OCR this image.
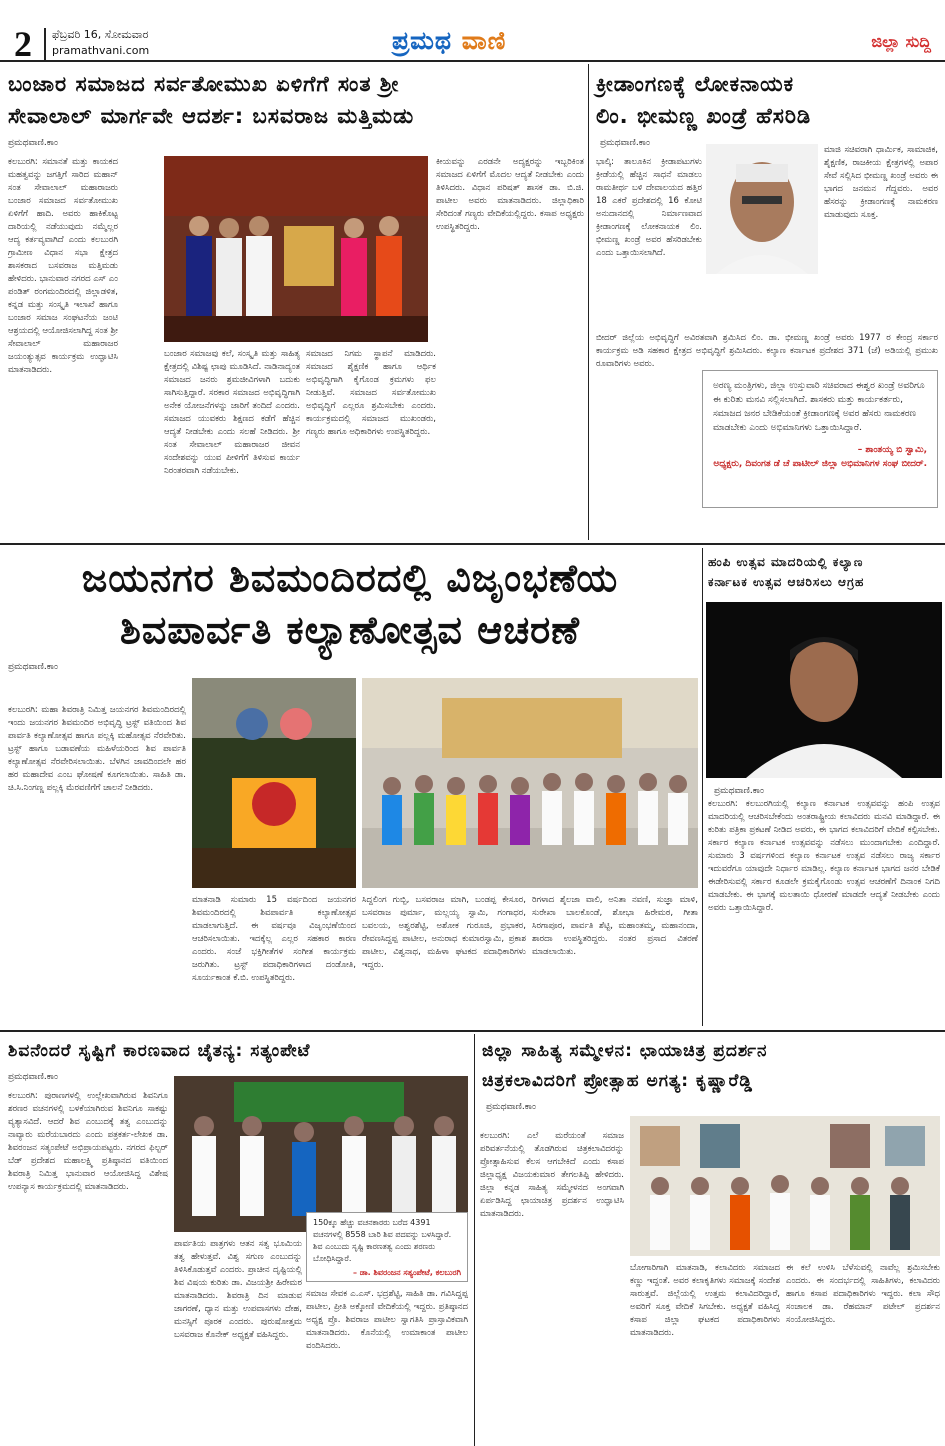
2 ಫೆಬ್ರವರಿ 16, ಸೋಮವಾರ
pramathvani.com	ಪ್ರಮಥ ವಾಣಿ	ಜಿಲ್ಲಾ ಸುದ್ದಿ
ಬಂಜಾರ ಸಮಾಜದ ಸರ್ವತೋಮುಖ ಏಳಿಗೆಗೆ ಸಂತ ಶ್ರೀ
ಸೇವಾಲಾಲ್ ಮಾರ್ಗವೇ ಆದರ್ಶ: ಬಸವರಾಜ ಮತ್ತಿಮಡು
ಪ್ರಮಥವಾಣಿ.ಕಾಂ
ಕಲಬುರಗಿ: ಸಮಾನತೆ ಮತ್ತು ಕಾಯಕದ ಮಹತ್ವವನ್ನು ಜಗತ್ತಿಗೆ ಸಾರಿದ ಮಹಾನ್ ಸಂತ ಸೇವಾಲಾಲ್ ಮಹಾರಾಜರು ಬಂಜಾರ ಸಮಾಜದ ಸರ್ವತೋಮುಖ ಏಳಿಗೆಗೆ ಹಾದಿ. ಅವರು ಹಾಕಿಕೊಟ್ಟ ದಾರಿಯಲ್ಲಿ ನಡೆಯುವುದು ನಮ್ಮೆಲ್ಲರ ಆದ್ಯ ಕರ್ತವ್ಯವಾಗಿದೆ ಎಂದು ಕಲಬುರಗಿ ಗ್ರಾಮೀಣ ವಿಧಾನ ಸಭಾ ಕ್ಷೇತ್ರದ ಶಾಸಕರಾದ ಬಸವರಾಜ ಮತ್ತಿಮಡು ಹೇಳಿದರು. ಭಾನುವಾರ ನಗರದ ಎಸ್ ಎಂ ಪಂಡಿತ್ ರಂಗಮಂದಿರದಲ್ಲಿ ಜಿಲ್ಲಾಡಳಿತ, ಕನ್ನಡ ಮತ್ತು ಸಂಸ್ಕೃತಿ ಇಲಾಖೆ ಹಾಗೂ ಬಂಜಾರ ಸಮಾಜ ಸಂಘಟನೆಯ ಜಂಟಿ ಆಶ್ರಯದಲ್ಲಿ ಆಯೋಜಿಸಲಾಗಿದ್ದ ಸಂತ ಶ್ರೀ ಸೇವಾಲಾಲ್ ಮಹಾರಾಜರ ಜಯಂತ್ಯುತ್ಸವ ಕಾರ್ಯಕ್ರಮ ಉದ್ಘಾಟಿಸಿ ಮಾತನಾಡಿದರು.
ಬಂಜಾರ ಸಮಾಜವು ಕಲೆ, ಸಂಸ್ಕೃತಿ ಮತ್ತು ಸಾಹಿತ್ಯ ಕ್ಷೇತ್ರದಲ್ಲಿ ವಿಶಿಷ್ಟ ಛಾಪು ಮೂಡಿಸಿದೆ. ನಾಡಿನಾದ್ಯಂತ ಸಮಾಜದ ಜನರು ಶ್ರಮಜೀವಿಗಳಾಗಿ ಬದುಕು ಸಾಗಿಸುತ್ತಿದ್ದಾರೆ. ಸರಕಾರ ಸಮಾಜದ ಅಭಿವೃದ್ಧಿಗಾಗಿ ಅನೇಕ ಯೋಜನೆಗಳನ್ನು ಜಾರಿಗೆ ತಂದಿದೆ ಎಂದರು. ಸಮಾಜದ ಯುವಕರು ಶಿಕ್ಷಣದ ಕಡೆಗೆ ಹೆಚ್ಚಿನ ಆದ್ಯತೆ ನೀಡಬೇಕು ಎಂದು ಸಲಹೆ ನೀಡಿದರು. ಶ್ರೀ ಸಂತ ಸೇವಾಲಾಲ್ ಮಹಾರಾಜರ ಜೀವನ ಸಂದೇಶವನ್ನು ಯುವ ಪೀಳಿಗೆಗೆ ತಿಳಿಸುವ ಕಾರ್ಯ ನಿರಂತರವಾಗಿ ನಡೆಯಬೇಕು.
ಸಮಾಜದ ನಿಗಮ ಸ್ಥಾಪನೆ ಮಾಡಿದರು. ಸಮಾಜದ ಶೈಕ್ಷಣಿಕ ಹಾಗೂ ಆರ್ಥಿಕ ಅಭಿವೃದ್ಧಿಗಾಗಿ ಕೈಗೊಂಡ ಕ್ರಮಗಳು ಫಲ ನೀಡುತ್ತಿವೆ. ಸಮಾಜದ ಸರ್ವತೋಮುಖ ಅಭಿವೃದ್ಧಿಗೆ ಎಲ್ಲರೂ ಶ್ರಮಿಸಬೇಕು ಎಂದರು. ಕಾರ್ಯಕ್ರಮದಲ್ಲಿ ಸಮಾಜದ ಮುಖಂಡರು, ಗಣ್ಯರು ಹಾಗೂ ಅಧಿಕಾರಿಗಳು ಉಪಸ್ಥಿತರಿದ್ದರು.
ಕೀಯವನ್ನು ಎರಡನೇ ಅದ್ಯಕ್ಷರನ್ನು ಇಬ್ಬರಿಕಿಂತ ಸಮಾಜದ ಏಳಿಗೆಗೆ ಮೊದಲ ಆದ್ಯತೆ ನೀಡಬೇಕು ಎಂದು ತಿಳಿಸಿದರು. ವಿಧಾನ ಪರಿಷತ್ ಶಾಸಕ ಡಾ. ಬಿ.ಜಿ. ಪಾಟೀಲ ಅವರು ಮಾತನಾಡಿದರು. ಜಿಲ್ಲಾಧಿಕಾರಿ ಸೇರಿದಂತೆ ಗಣ್ಯರು ವೇದಿಕೆಯಲ್ಲಿದ್ದರು. ಕಸಾಪ ಅಧ್ಯಕ್ಷರು ಉಪಸ್ಥಿತರಿದ್ದರು.
ಕ್ರೀಡಾಂಗಣಕ್ಕೆ ಲೋಕನಾಯಕ
ಲಿಂ. ಭೀಮಣ್ಣ ಖಂಡ್ರೆ ಹೆಸರಿಡಿ
ಪ್ರಮಥವಾಣಿ.ಕಾಂ
ಭಾಲ್ಕಿ: ತಾಲೂಕಿನ ಕ್ರೀಡಾಪಟುಗಳು ಕ್ರೀಡೆಯಲ್ಲಿ ಹೆಚ್ಚಿನ ಸಾಧನೆ ಮಾಡಲು ರಾಮತೀರ್ಥ ಬಳಿ ದೇವಾಲಯದ ಹತ್ತಿರ 18 ಎಕರೆ ಪ್ರದೇಶದಲ್ಲಿ 16 ಕೋಟಿ ಅನುದಾನದಲ್ಲಿ ನಿರ್ಮಾಣವಾದ ಕ್ರೀಡಾಂಗಣಕ್ಕೆ ಲೋಕನಾಯಕ ಲಿಂ. ಭೀಮಣ್ಣ ಖಂಡ್ರೆ ಅವರ ಹೆಸರಿಡಬೇಕು ಎಂದು ಒತ್ತಾಯಿಸಲಾಗಿದೆ.
ಮಾಜಿ ಸಚಿವರಾಗಿ ಧಾರ್ಮಿಕ, ಸಾಮಾಜಿಕ, ಶೈಕ್ಷಣಿಕ, ರಾಜಕೀಯ ಕ್ಷೇತ್ರಗಳಲ್ಲಿ ಅಪಾರ ಸೇವೆ ಸಲ್ಲಿಸಿದ ಭೀಮಣ್ಣ ಖಂಡ್ರೆ ಅವರು ಈ ಭಾಗದ ಜನಮನ ಗೆದ್ದವರು. ಅವರ ಹೆಸರನ್ನು ಕ್ರೀಡಾಂಗಣಕ್ಕೆ ನಾಮಕರಣ ಮಾಡುವುದು ಸೂಕ್ತ.
ಬೀದರ್ ಜಿಲ್ಲೆಯ ಅಭಿವೃದ್ಧಿಗೆ ಅವಿರತವಾಗಿ ಶ್ರಮಿಸಿದ ಲಿಂ. ಡಾ. ಭೀಮಣ್ಣ ಖಂಡ್ರೆ ಅವರು 1977 ರ ಕೇಂದ್ರ ಸರ್ಕಾರ ಕಾರ್ಯಕ್ರಮ ಅಡಿ ಸಹಕಾರ ಕ್ಷೇತ್ರದ ಅಭಿವೃದ್ಧಿಗೆ ಶ್ರಮಿಸಿದರು. ಕಲ್ಯಾಣ ಕರ್ನಾಟಕ ಪ್ರದೇಶದ 371 (ಜೆ) ಅಡಿಯಲ್ಲಿ ಪ್ರಮುಖ ರೂವಾರಿಗಳು ಅವರು.
ಅರಣ್ಯ ಮಂತ್ರಿಗಳು, ಜಿಲ್ಲಾ ಉಸ್ತುವಾರಿ ಸಚಿವರಾದ ಈಶ್ವರ ಖಂಡ್ರೆ ಅವರಿಗೂ ಈ ಕುರಿತು ಮನವಿ ಸಲ್ಲಿಸಲಾಗಿದೆ. ಶಾಸಕರು ಮತ್ತು ಕಾರ್ಯಕರ್ತರು, ಸಮಾಜದ ಜನರ ಬೇಡಿಕೆಯಂತೆ ಕ್ರೀಡಾಂಗಣಕ್ಕೆ ಅವರ ಹೆಸರು ನಾಮಕರಣ ಮಾಡಬೇಕು ಎಂದು ಅಭಿಮಾನಿಗಳು ಒತ್ತಾಯಿಸಿದ್ದಾರೆ.
– ಶಾಂತಯ್ಯ ಬಿ ಸ್ವಾಮಿ,
ಅಧ್ಯಕ್ಷರು, ದಿವಂಗತ ಡೆ ಚೆ ಪಾಟೀಲ್ ಜಿಲ್ಲಾ ಅಭಿಮಾನಿಗಳ ಸಂಘ ಬೀದರ್.
ಜಯನಗರ ಶಿವಮಂದಿರದಲ್ಲಿ ವಿಜೃಂಭಣೆಯ
ಶಿವಪಾರ್ವತಿ ಕಲ್ಯಾಣೋತ್ಸವ ಆಚರಣೆ
ಪ್ರಮಥವಾಣಿ.ಕಾಂ
ಕಲಬುರಗಿ: ಮಹಾ ಶಿವರಾತ್ರಿ ನಿಮಿತ್ತ ಜಯನಗರ ಶಿವಮಂದಿರದಲ್ಲಿ ಇಂದು ಜಯನಗರ ಶಿವಮಂದಿರ ಅಭಿವೃದ್ಧಿ ಟ್ರಸ್ಟ್ ವತಿಯಿಂದ ಶಿವ ಪಾರ್ವತಿ ಕಲ್ಯಾಣೋತ್ಸವ ಹಾಗೂ ಪಲ್ಲಕ್ಕಿ ಮಹೋತ್ಸವ ನೆರವೇರಿತು. ಟ್ರಸ್ಟ್ ಹಾಗೂ ಬಡಾವಣೆಯ ಮಹಿಳೆಯರಿಂದ ಶಿವ ಪಾರ್ವತಿ ಕಲ್ಯಾಣೋತ್ಸವ ನೆರವೇರಿಸಲಾಯಿತು. ಬೆಳಗಿನ ಜಾವದಿಂದಲೇ ಹರ ಹರ ಮಹಾದೇವ ಎಂಬ ಘೋಷಣೆ ಕೂಗಲಾಯಿತು. ಸಾಹಿತಿ ಡಾ. ಚಿ.ಸಿ.ನಿಂಗಣ್ಣ ಪಲ್ಲಕ್ಕಿ ಮೆರವಣಿಗೆಗೆ ಚಾಲನೆ ನೀಡಿದರು.
ಮಾತನಾಡಿ ಸುಮಾರು 15 ವರ್ಷದಿಂದ ಜಯನಗರ ಶಿವಮಂದಿರದಲ್ಲಿ ಶಿವಪಾರ್ವತಿ ಕಲ್ಯಾಣೋತ್ಸವ ಮಾಡಲಾಗುತ್ತಿದೆ. ಈ ವರ್ಷವೂ ವಿಜೃಂಭಣೆಯಿಂದ ಆಚರಿಸಲಾಯಿತು. ಇದಕ್ಕೆಲ್ಲ ಎಲ್ಲರ ಸಹಕಾರ ಕಾರಣ ಎಂದರು. ಸಂಜೆ ಭಕ್ತಿಗೀತೆಗಳ ಸಂಗೀತ ಕಾರ್ಯಕ್ರಮ ಜರುಗಿತು. ಟ್ರಸ್ಟ್ ಪದಾಧಿಕಾರಿಗಳಾದ ದಂಡೋತಿ, ಸೂರ್ಯಕಾಂತ ಕೆ.ಬಿ. ಉಪಸ್ಥಿತರಿದ್ದರು.
ಸಿದ್ದಲಿಂಗ ಗುಬ್ಬಿ, ಬಸವರಾಜ ಮಾಗಿ, ಬಂಡಪ್ಪ ಕೇಸೂರ, ಬಸವರಾಜ ಪುರ್ಮಾ, ಮಲ್ಲಯ್ಯ ಸ್ವಾಮಿ, ಗಂಗಾಧರ, ಬವಲಯ, ಅಶ್ವರಶೆಟ್ಟಿ, ಅಶೋಕ ಗುರೂಜಿ, ಪ್ರಭಾಕರ, ರೇವಣಸಿದ್ದಪ್ಪ ಪಾಟೀಲ, ಅನುರಾಧ ಕುಮಾರಸ್ವಾಮಿ, ಪ್ರಕಾಶ ಪಾಟೀಲ, ವಿಶ್ವನಾಥ, ಮಹಿಳಾ ಘಟಕದ ಪದಾಧಿಕಾರಿಗಳು ಇದ್ದರು.
ರಿಗಳಾದ ಶೈಲಜಾ ವಾಲಿ, ಅನಿತಾ ನವಣಿ, ಸುಜ್ಞಾ ಮಾಳಿ, ಸುರೇಖಾ ಬಾಲಕೊಂಡೆ, ಶೋಭಾ ಹಿರೇಮಠ, ಗೀತಾ ಸಿರಗಾಪೂರ, ಪಾರ್ವತಿ ಶೆಟ್ಟಿ, ಮಹಾಂತಮ್ಮ, ಮಹಾನಂದಾ, ಶಾರದಾ ಉಪಸ್ಥಿತರಿದ್ದರು. ನಂತರ ಪ್ರಸಾದ ವಿತರಣೆ ಮಾಡಲಾಯಿತು.
ಹಂಪಿ ಉತ್ಸವ ಮಾದರಿಯಲ್ಲಿ ಕಲ್ಯಾಣ
ಕರ್ನಾಟಕ ಉತ್ಸವ ಆಚರಿಸಲು ಆಗ್ರಹ
ಪ್ರಮಥವಾಣಿ.ಕಾಂ
ಕಲಬುರಗಿ: ಕಲಬುರಗಿಯಲ್ಲಿ ಕಲ್ಯಾಣ ಕರ್ನಾಟಕ ಉತ್ಸವವನ್ನು ಹಂಪಿ ಉತ್ಸವ ಮಾದರಿಯಲ್ಲಿ ಆಚರಿಸಬೇಕೆಂದು ಅಂತರಾಷ್ಟ್ರೀಯ ಕಲಾವಿದರು ಮನವಿ ಮಾಡಿದ್ದಾರೆ. ಈ ಕುರಿತು ಪತ್ರಿಕಾ ಪ್ರಕಟಣೆ ನೀಡಿದ ಅವರು, ಈ ಭಾಗದ ಕಲಾವಿದರಿಗೆ ವೇದಿಕೆ ಕಲ್ಪಿಸಬೇಕು. ಸರ್ಕಾರ ಕಲ್ಯಾಣ ಕರ್ನಾಟಕ ಉತ್ಸವವನ್ನು ನಡೆಸಲು ಮುಂದಾಗಬೇಕು ಎಂದಿದ್ದಾರೆ. ಸುಮಾರು 3 ವರ್ಷಗಳಿಂದ ಕಲ್ಯಾಣ ಕರ್ನಾಟಕ ಉತ್ಸವ ನಡೆಸಲು ರಾಜ್ಯ ಸರ್ಕಾರ ಇದುವರೆಗೂ ಯಾವುದೇ ನಿರ್ಧಾರ ಮಾಡಿಲ್ಲ. ಕಲ್ಯಾಣ ಕರ್ನಾಟಕ ಭಾಗದ ಜನರ ಬೇಡಿಕೆ ಈಡೇರಿಸುವಲ್ಲಿ ಸರ್ಕಾರ ಕೂಡಲೇ ಕ್ರಮಕೈಗೊಂಡು ಉತ್ಸವ ಆಚರಣೆಗೆ ದಿನಾಂಕ ನಿಗದಿ ಮಾಡಬೇಕು. ಈ ಭಾಗಕ್ಕೆ ಮಲತಾಯಿ ಧೋರಣೆ ಮಾಡದೇ ಆದ್ಯತೆ ನೀಡಬೇಕು ಎಂದು ಅವರು ಒತ್ತಾಯಿಸಿದ್ದಾರೆ.
ಶಿವನೆಂದರೆ ಸೃಷ್ಟಿಗೆ ಕಾರಣವಾದ ಚೈತನ್ಯ: ಸತ್ಯಂಪೇಟೆ
ಪ್ರಮಥವಾಣಿ.ಕಾಂ
ಕಲಬುರಗಿ: ಪುರಾಣಗಳಲ್ಲಿ ಉಲ್ಲೇಖವಾಗಿರುವ ಶಿವನಿಗೂ ಶರಣರ ವಚನಗಳಲ್ಲಿ ಬಳಕೆಯಾಗಿರುವ ಶಿವನಿಗೂ ಸಾಕಷ್ಟು ವ್ಯತ್ಯಾಸವಿದೆ. ಆದರೆ ಶಿವ ಎಂಬುದಕ್ಕೆ ತತ್ವ ಎಂಬುದನ್ನು ನಾವ್ಯಾರು ಮರೆಯಬಾರದು ಎಂದು ಪತ್ರಕರ್ತ-ಲೇಖಕ ಡಾ. ಶಿವರಂಜನ ಸತ್ಯಂಪೇಟೆ ಅಭಿಪ್ರಾಯಪಟ್ಟರು. ನಗರದ ಫಿಲ್ಟರ್ ಬೆಡ್ ಪ್ರದೇಶದ ಮಹಾಲಕ್ಷ್ಮಿ ಪ್ರತಿಷ್ಠಾನದ ವತಿಯಿಂದ ಶಿವರಾತ್ರಿ ನಿಮಿತ್ತ ಭಾನುವಾರ ಆಯೋಜಿಸಿದ್ದ ವಿಶೇಷ ಉಪನ್ಯಾಸ ಕಾರ್ಯಕ್ರಮದಲ್ಲಿ ಮಾತನಾಡಿದರು.
ಪಾರ್ವತಿಯ ಪಾತ್ರಗಳು ಆತನ ಸತ್ವ ಭೂಮಿಯ ತತ್ವ ಹೇಳುತ್ತವೆ. ವಿಶ್ವ ಸಗುಣ ಎಂಬುದನ್ನು ತಿಳಿಸಿಕೊಡುತ್ತವೆ ಎಂದರು. ಪ್ರಾಚೀನ ದೃಷ್ಟಿಯಲ್ಲಿ ಶಿವ ವಿಷಯ ಕುರಿತು ಡಾ. ವಿಜಯಶ್ರೀ ಹಿರೇಮಠ ಮಾತನಾಡಿದರು. ಶಿವರಾತ್ರಿ ದಿನ ಮಾಡುವ ಜಾಗರಣೆ, ಧ್ಯಾನ ಮತ್ತು ಉಪವಾಸಗಳು ದೇಹ, ಮನಸ್ಸಿಗೆ ಪೂರಕ ಎಂದರು. ಪುರುಷೋತ್ತಮ ಬಸವರಾಜ ಕೊನೇಕ್ ಅಧ್ಯಕ್ಷತೆ ವಹಿಸಿದ್ದರು.
150ಕ್ಕೂ ಹೆಚ್ಚು ವಚನಕಾರರು ಬರೆದ 4391 ವಚನಗಳಲ್ಲಿ 8558 ಬಾರಿ ಶಿವ ಪದವನ್ನು ಬಳಸಿದ್ದಾರೆ. ಶಿವ ಎಂಬುದು ಸೃಷ್ಟಿ ಕಾರಣತತ್ವ ಎಂದು ಶರಣರು ಬೋಧಿಸಿದ್ದಾರೆ.
– ಡಾ. ಶಿವರಂಜನ ಸತ್ಯಂಪೇಟೆ, ಕಲಬುರಗಿ
ಸಮಾಜ ಸೇವಕ ಎ.ಎಸ್. ಭದ್ರಶೆಟ್ಟಿ, ಸಾಹಿತಿ ಡಾ. ಗವಿಸಿದ್ದಪ್ಪ ಪಾಟೀಲ, ಪ್ರೀತಿ ಅಕ್ಕೋಣಿ ವೇದಿಕೆಯಲ್ಲಿ ಇದ್ದರು. ಪ್ರತಿಷ್ಠಾನದ ಅಧ್ಯಕ್ಷ ಪ್ರೊ. ಶಿವರಾಜ ಪಾಟೀಲ ಸ್ವಾಗತಿಸಿ ಪ್ರಾಸ್ತಾವಿಕವಾಗಿ ಮಾತನಾಡಿದರು. ಕೊನೆಯಲ್ಲಿ ಉಮಾಕಾಂತ ಪಾಟೀಲ ವಂದಿಸಿದರು.
ಜಿಲ್ಲಾ ಸಾಹಿತ್ಯ ಸಮ್ಮೇಳನ: ಛಾಯಾಚಿತ್ರ ಪ್ರದರ್ಶನ
ಚಿತ್ರಕಲಾವಿದರಿಗೆ ಪ್ರೋತ್ಸಾಹ ಅಗತ್ಯ: ಕೃಷ್ಣಾರೆಡ್ಡಿ
ಪ್ರಮಥವಾಣಿ.ಕಾಂ
ಕಲಬುರಗಿ: ಎಲೆ ಮರೆಯಂತೆ ಸಮಾಜ ಪರಿವರ್ತನೆಯಲ್ಲಿ ತೊಡಗಿರುವ ಚಿತ್ರಕಲಾವಿದರನ್ನು ಪ್ರೋತ್ಸಾಹಿಸುವ ಕೆಲಸ ಆಗಬೇಕಿದೆ ಎಂದು ಕಸಾಪ ಜಿಲ್ಲಾಧ್ಯಕ್ಷ ವಿಜಯಕುಮಾರ ತೇಗಲತಿಪ್ಪಿ ಹೇಳಿದರು. ಜಿಲ್ಲಾ ಕನ್ನಡ ಸಾಹಿತ್ಯ ಸಮ್ಮೇಳನದ ಅಂಗವಾಗಿ ಏರ್ಪಡಿಸಿದ್ದ ಛಾಯಾಚಿತ್ರ ಪ್ರದರ್ಶನ ಉದ್ಘಾಟಿಸಿ ಮಾತನಾಡಿದರು.
ಬೋಗಾರಿಗಾಗಿ ಮಾತನಾಡಿ, ಕಲಾವಿದರು ಸಮಾಜದ ಕಣ್ಣು ಇದ್ದಂತೆ. ಅವರ ಕಲಾಕೃತಿಗಳು ಸಮಾಜಕ್ಕೆ ಸಂದೇಶ ಸಾರುತ್ತವೆ. ಜಿಲ್ಲೆಯಲ್ಲಿ ಉತ್ತಮ ಕಲಾವಿದರಿದ್ದಾರೆ, ಅವರಿಗೆ ಸೂಕ್ತ ವೇದಿಕೆ ಸಿಗಬೇಕು. ಅಧ್ಯಕ್ಷತೆ ವಹಿಸಿದ್ದ ಕಸಾಪ ಜಿಲ್ಲಾ ಘಟಕದ ಪದಾಧಿಕಾರಿಗಳು ಮಾತನಾಡಿದರು.
ಈ ಕಲೆ ಉಳಿಸಿ ಬೆಳೆಸುವಲ್ಲಿ ನಾವೆಲ್ಲ ಶ್ರಮಿಸಬೇಕು ಎಂದರು. ಈ ಸಂದರ್ಭದಲ್ಲಿ ಸಾಹಿತಿಗಳು, ಕಲಾವಿದರು ಹಾಗೂ ಕಸಾಪ ಪದಾಧಿಕಾರಿಗಳು ಇದ್ದರು. ಕಲಾ ಸೌಧ ಸಂಚಾಲಕ ಡಾ. ರೆಹಮಾನ್ ಪಟೇಲ್ ಪ್ರದರ್ಶನ ಸಂಯೋಜಿಸಿದ್ದರು.
